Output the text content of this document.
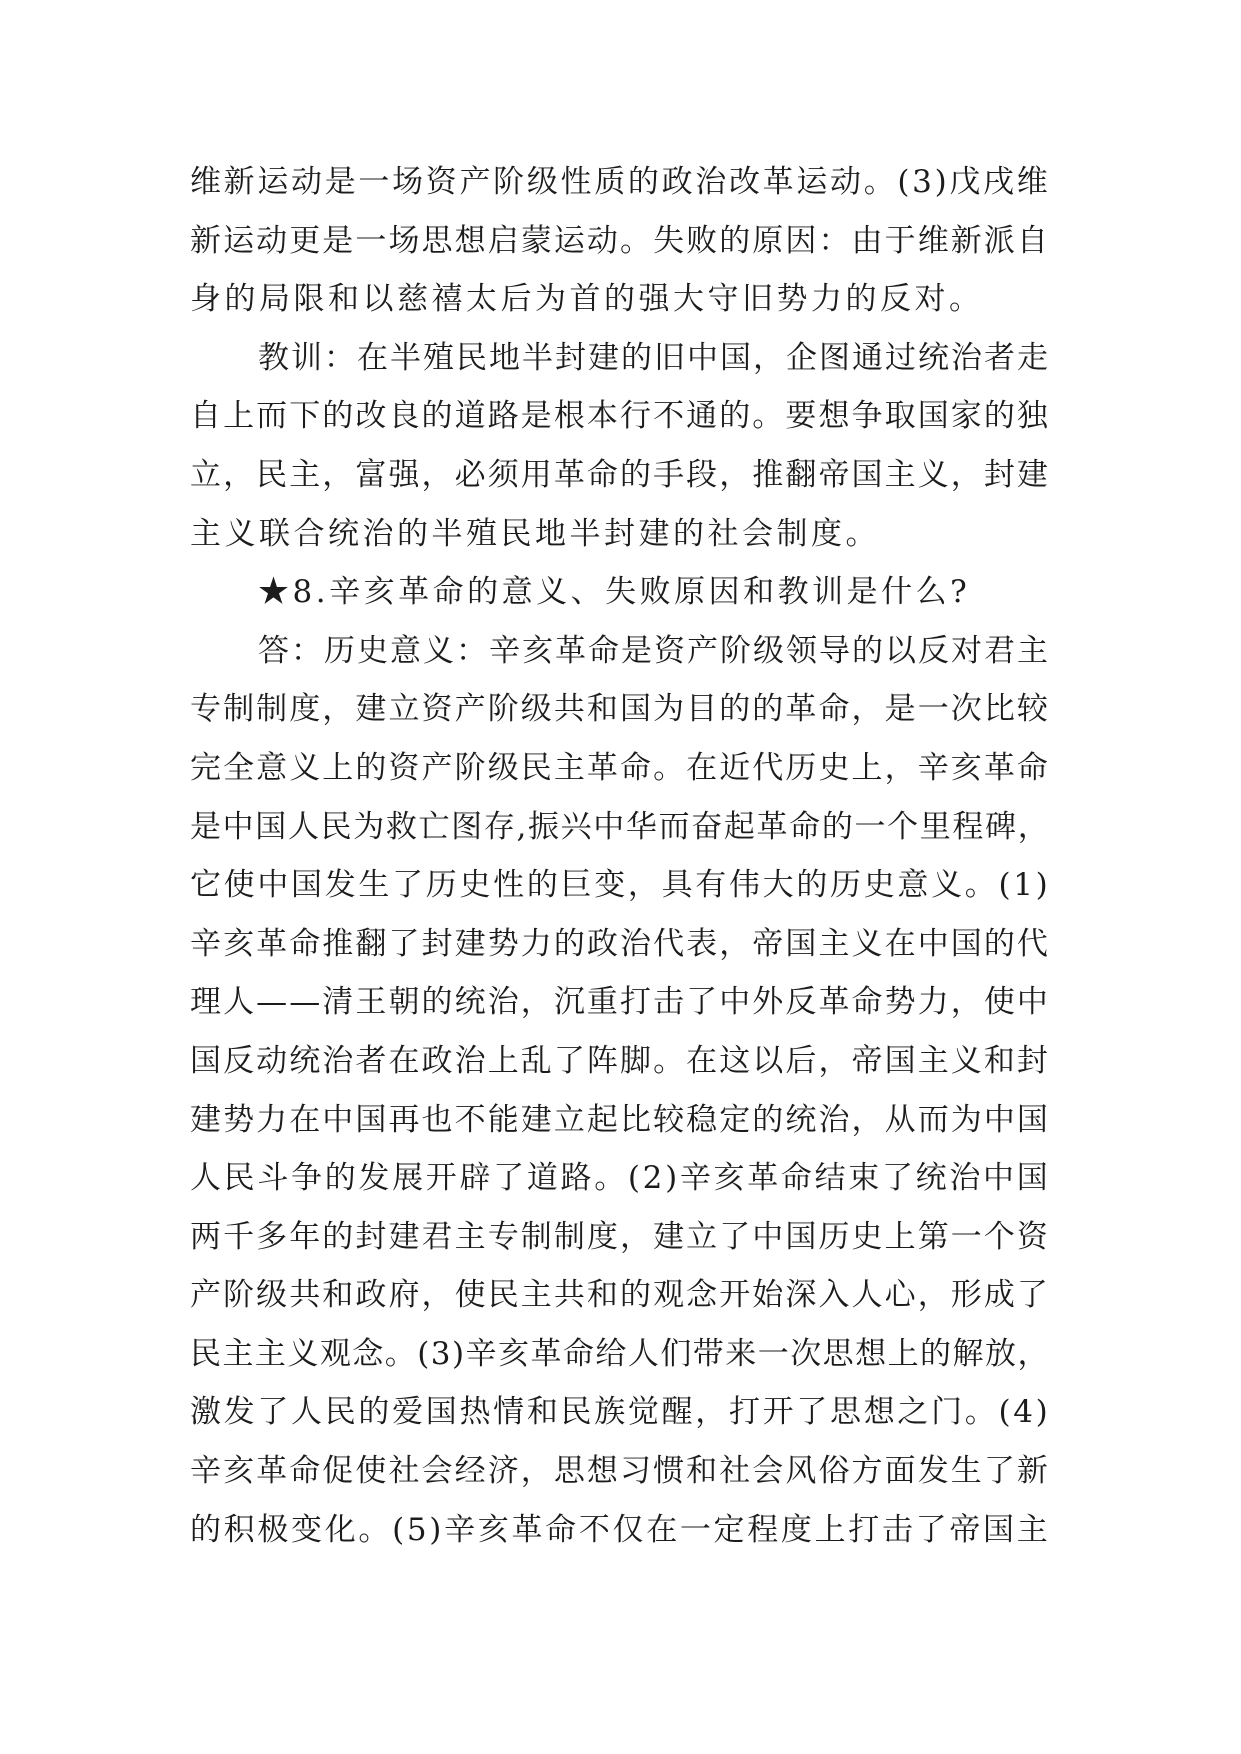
维新运动是一场资产阶级性质的政治改革运动。(3)戊戌维

新运动更是一场思想启蒙运动。失败的原因：由于维新派自

身的局限和以慈禧太后为首的强大守旧势力的反对。

教训：在半殖民地半封建的旧中国，企图通过统治者走

自上而下的改良的道路是根本行不通的。要想争取国家的独

立，民主，富强，必须用革命的手段，推翻帝国主义，封建

主义联合统治的半殖民地半封建的社会制度。

★8.辛亥革命的意义、失败原因和教训是什么?

答：历史意义：辛亥革命是资产阶级领导的以反对君主

专制制度，建立资产阶级共和国为目的的革命，是一次比较

完全意义上的资产阶级民主革命。在近代历史上，辛亥革命

是中国人民为救亡图存,振兴中华而奋起革命的一个里程碑，

它使中国发生了历史性的巨变，具有伟大的历史意义。(1)

辛亥革命推翻了封建势力的政治代表，帝国主义在中国的代

理人——清王朝的统治，沉重打击了中外反革命势力，使中

国反动统治者在政治上乱了阵脚。在这以后，帝国主义和封

建势力在中国再也不能建立起比较稳定的统治，从而为中国

人民斗争的发展开辟了道路。(2)辛亥革命结束了统治中国

两千多年的封建君主专制制度，建立了中国历史上第一个资

产阶级共和政府，使民主共和的观念开始深入人心，形成了

民主主义观念。(3)辛亥革命给人们带来一次思想上的解放，

激发了人民的爱国热情和民族觉醒，打开了思想之门。(4)

辛亥革命促使社会经济，思想习惯和社会风俗方面发生了新

的积极变化。(5)辛亥革命不仅在一定程度上打击了帝国主
